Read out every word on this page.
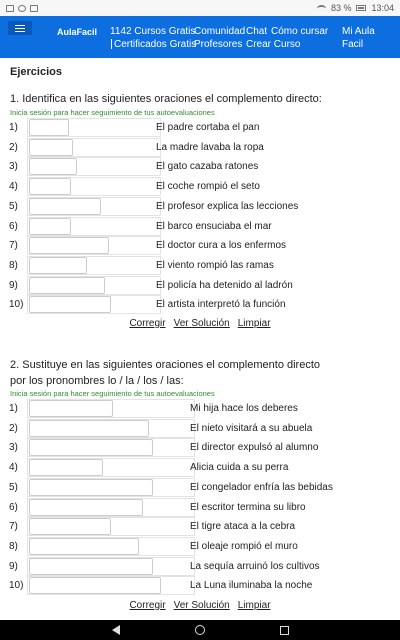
83 % 13:04
AulaFacil 1142 Cursos Gratis
Comunidad Chat Cómo cursar Mi Aula
Certificados Gratis
Profesores Crear Curso	Facil
Ejercicios
1. Identifica en las siguientes oraciones el complemento directo:
Inicia sesión para hacer seguimiento de tus autoevaluaciones
1)	El padre cortaba el pan
2)	La madre lavaba la ropa
3)	El gato cazaba ratones
4)	El coche rompió el seto
5)	El profesor explica las lecciones
6)	El barco ensuciaba el mar
7)	El doctor cura a los enfermos
8)	El viento rompió las ramas
9)	El policía ha detenido al ladrón
10)	El artista interpretó la función
Corregir Ver Solución Limpiar
2. Sustituye en las siguientes oraciones el complemento directo por los pronombres lo / la / los / las:
Inicia sesión para hacer seguimiento de tus autoevaluaciones
1)	Mi hija hace los deberes
2)	El nieto visitará a su abuela
3)	El director expulsó al alumno
4)	Alicia cuida a su perra
5)	El congelador enfría las bebidas
6)	El escritor termina su libro
7)	El tigre ataca a la cebra
8)	El oleaje rompió el muro
9)	La sequía arruinó los cultivos
10)	La Luna iluminaba la noche
Corregir Ver Solución Limpiar
